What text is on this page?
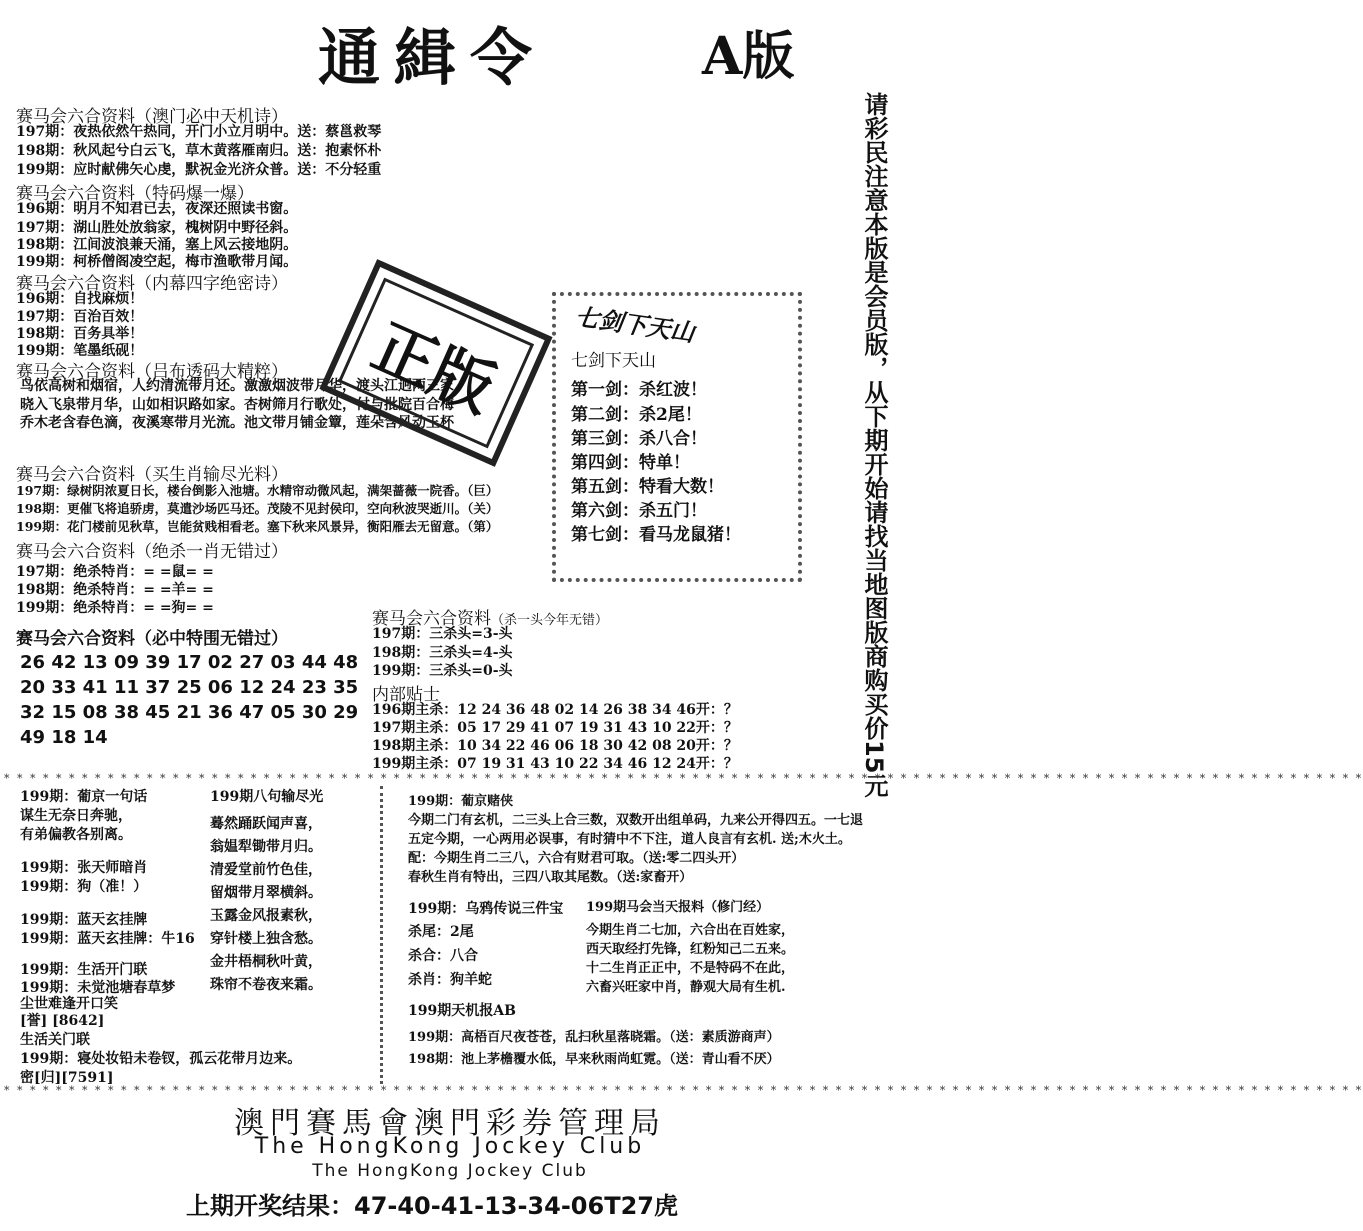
通緝令	A版
请彩民注意本版是会员版，从下期开始请找当地图版商购买价15元
赛马会六合资料（澳门必中天机诗）
197期：夜热依然午热同，开门小立月明中。送：蔡邕救琴
198期：秋风起兮白云飞，草木黄落雁南归。送：抱素怀朴
199期：应时献佛矢心虔，默祝金光济众普。送：不分轻重
赛马会六合资料（特码爆一爆）
196期：明月不知君已去，夜深还照读书窗。
197期：湖山胜处放翁家，槐树阴中野径斜。
198期：江间波浪兼天涌，塞上风云接地阴。
199期：柯桥僧阁凌空起，梅市渔歌带月闻。
赛马会六合资料（内幕四字绝密诗）
196期：自找麻烦！
197期：百治百效！
198期：百务具举！
199期：笔墨纸砚！
赛马会六合资料（吕布透码大精粹）
鸟依高树和烟宿，人约清流带月还。激激烟波带月华，渡头江迥两三家
晓入飞泉带月华，山如相识路如家。杏树筛月行歌处，付与批院百合梅
乔木老含春色滴，夜溪寒带月光流。池文带月铺金簟，莲朵含风动玉杯
正版	七剑下天山
七剑下天山
第一剑：杀红波！
第二剑：杀2尾！
第三剑：杀八合！
第四剑：特单！
第五剑：特看大数！
第六剑：杀五门！
第七剑：看马龙鼠猪！
赛马会六合资料（买生肖输尽光料）
197期：绿树阴浓夏日长，楼台倒影入池塘。水精帘动微风起，满架蔷薇一院香。（巨）
198期：更催飞将追骄虏，莫遣沙场匹马还。茂陵不见封侯印，空向秋波哭逝川。（关）
199期：花门楼前见秋草，岂能贫贱相看老。塞下秋来风景异，衡阳雁去无留意。（第）
赛马会六合资料（绝杀一肖无错过）
197期：绝杀特肖：= =鼠= =
198期：绝杀特肖：= =羊= =
199期：绝杀特肖：= =狗= =
赛马会六合资料（必中特围无错过）
26 42 13 09 39 17 02 27 03 44 48
20 33 41 11 37 25 06 12 24 23 35
32 15 08 38 45 21 36 47 05 30 29
49 18 14
赛马会六合资料（杀一头今年无错）
197期：三杀头=3-头
198期：三杀头=4-头
199期：三杀头=0-头
内部贴士
196期主杀：12 24 36 48 02 14 26 38 34 46开：？
197期主杀：05 17 29 41 07 19 31 43 10 22开：？
198期主杀：10 34 22 46 06 18 30 42 08 20开：？
199期主杀：07 19 31 43 10 22 34 46 12 24开：？
* * * * * * * * * * * * * * * * * * * * * * * * * * * * * * * * * * * * * * * * * * * * * * * * * * * * * * * * * * * * * * * * * * * * * * * * * * * * * * * * * * * * * * * * * * * * * * * * * * * * * * * * *
* * * * * * * * * * * * * * * * * * * * * * * * * * * * * * * * * * * * * * * * * * * * * * * * * * * * * * * * * * * * * * * * * * * * * * * * * * * * * * * * * * * * * * * * * * * * * * * * * * * * * * * * *
199期：葡京一句话
谋生无奈日奔驰，
有弟偏教各别离。
199期：张天师暗肖
199期：狗（准！）
199期：蓝天玄挂牌
199期：蓝天玄挂牌：牛16
199期：生活开门联
199期：未觉池塘春草梦
尘世难逢开口笑
[誉] [8642]
生活关门联
199期：寝处妆铅未卷钗，孤云花带月边来。
密[归][7591]
199期八句输尽光
蓦然踊跃闻声喜，
翁媪犁锄带月归。
清爱堂前竹色佳，
留烟带月翠横斜。
玉露金风报素秋，
穿针楼上独含愁。
金井梧桐秋叶黄，
珠帘不卷夜来霜。
199期：葡京赌侠
今期二门有玄机，二三头上合三数，双数开出组单码，九来公开得四五。一七退
五定今期，一心两用必误事，有时猜中不下注，道人良言有玄机. 送;木火土。
配：今期生肖二三八，六合有财君可取。（送:零二四头开）
春秋生肖有特出，三四八取其尾数。（送:家畜开）
199期：乌鸦传说三件宝
杀尾：2尾
杀合：八合
杀肖：狗羊蛇
199期马会当天报料（修门经）
今期生肖二七加，六合出在百姓家，
西天取经打先锋，红粉知己二五来。
十二生肖正正中，不是特码不在此，
六畜兴旺家中肖，静观大局有生机.
199期天机报AB
199期：高梧百尺夜苍苍，乱扫秋星落晓霜。（送：素质游商声）
198期：池上茅檐覆水低，早来秋雨尚虹霓。（送：青山看不厌）
澳門賽馬會澳門彩券管理局
The HongKong Jockey Club
The HongKong Jockey Club
上期开奖结果：47-40-41-13-34-06T27虎
